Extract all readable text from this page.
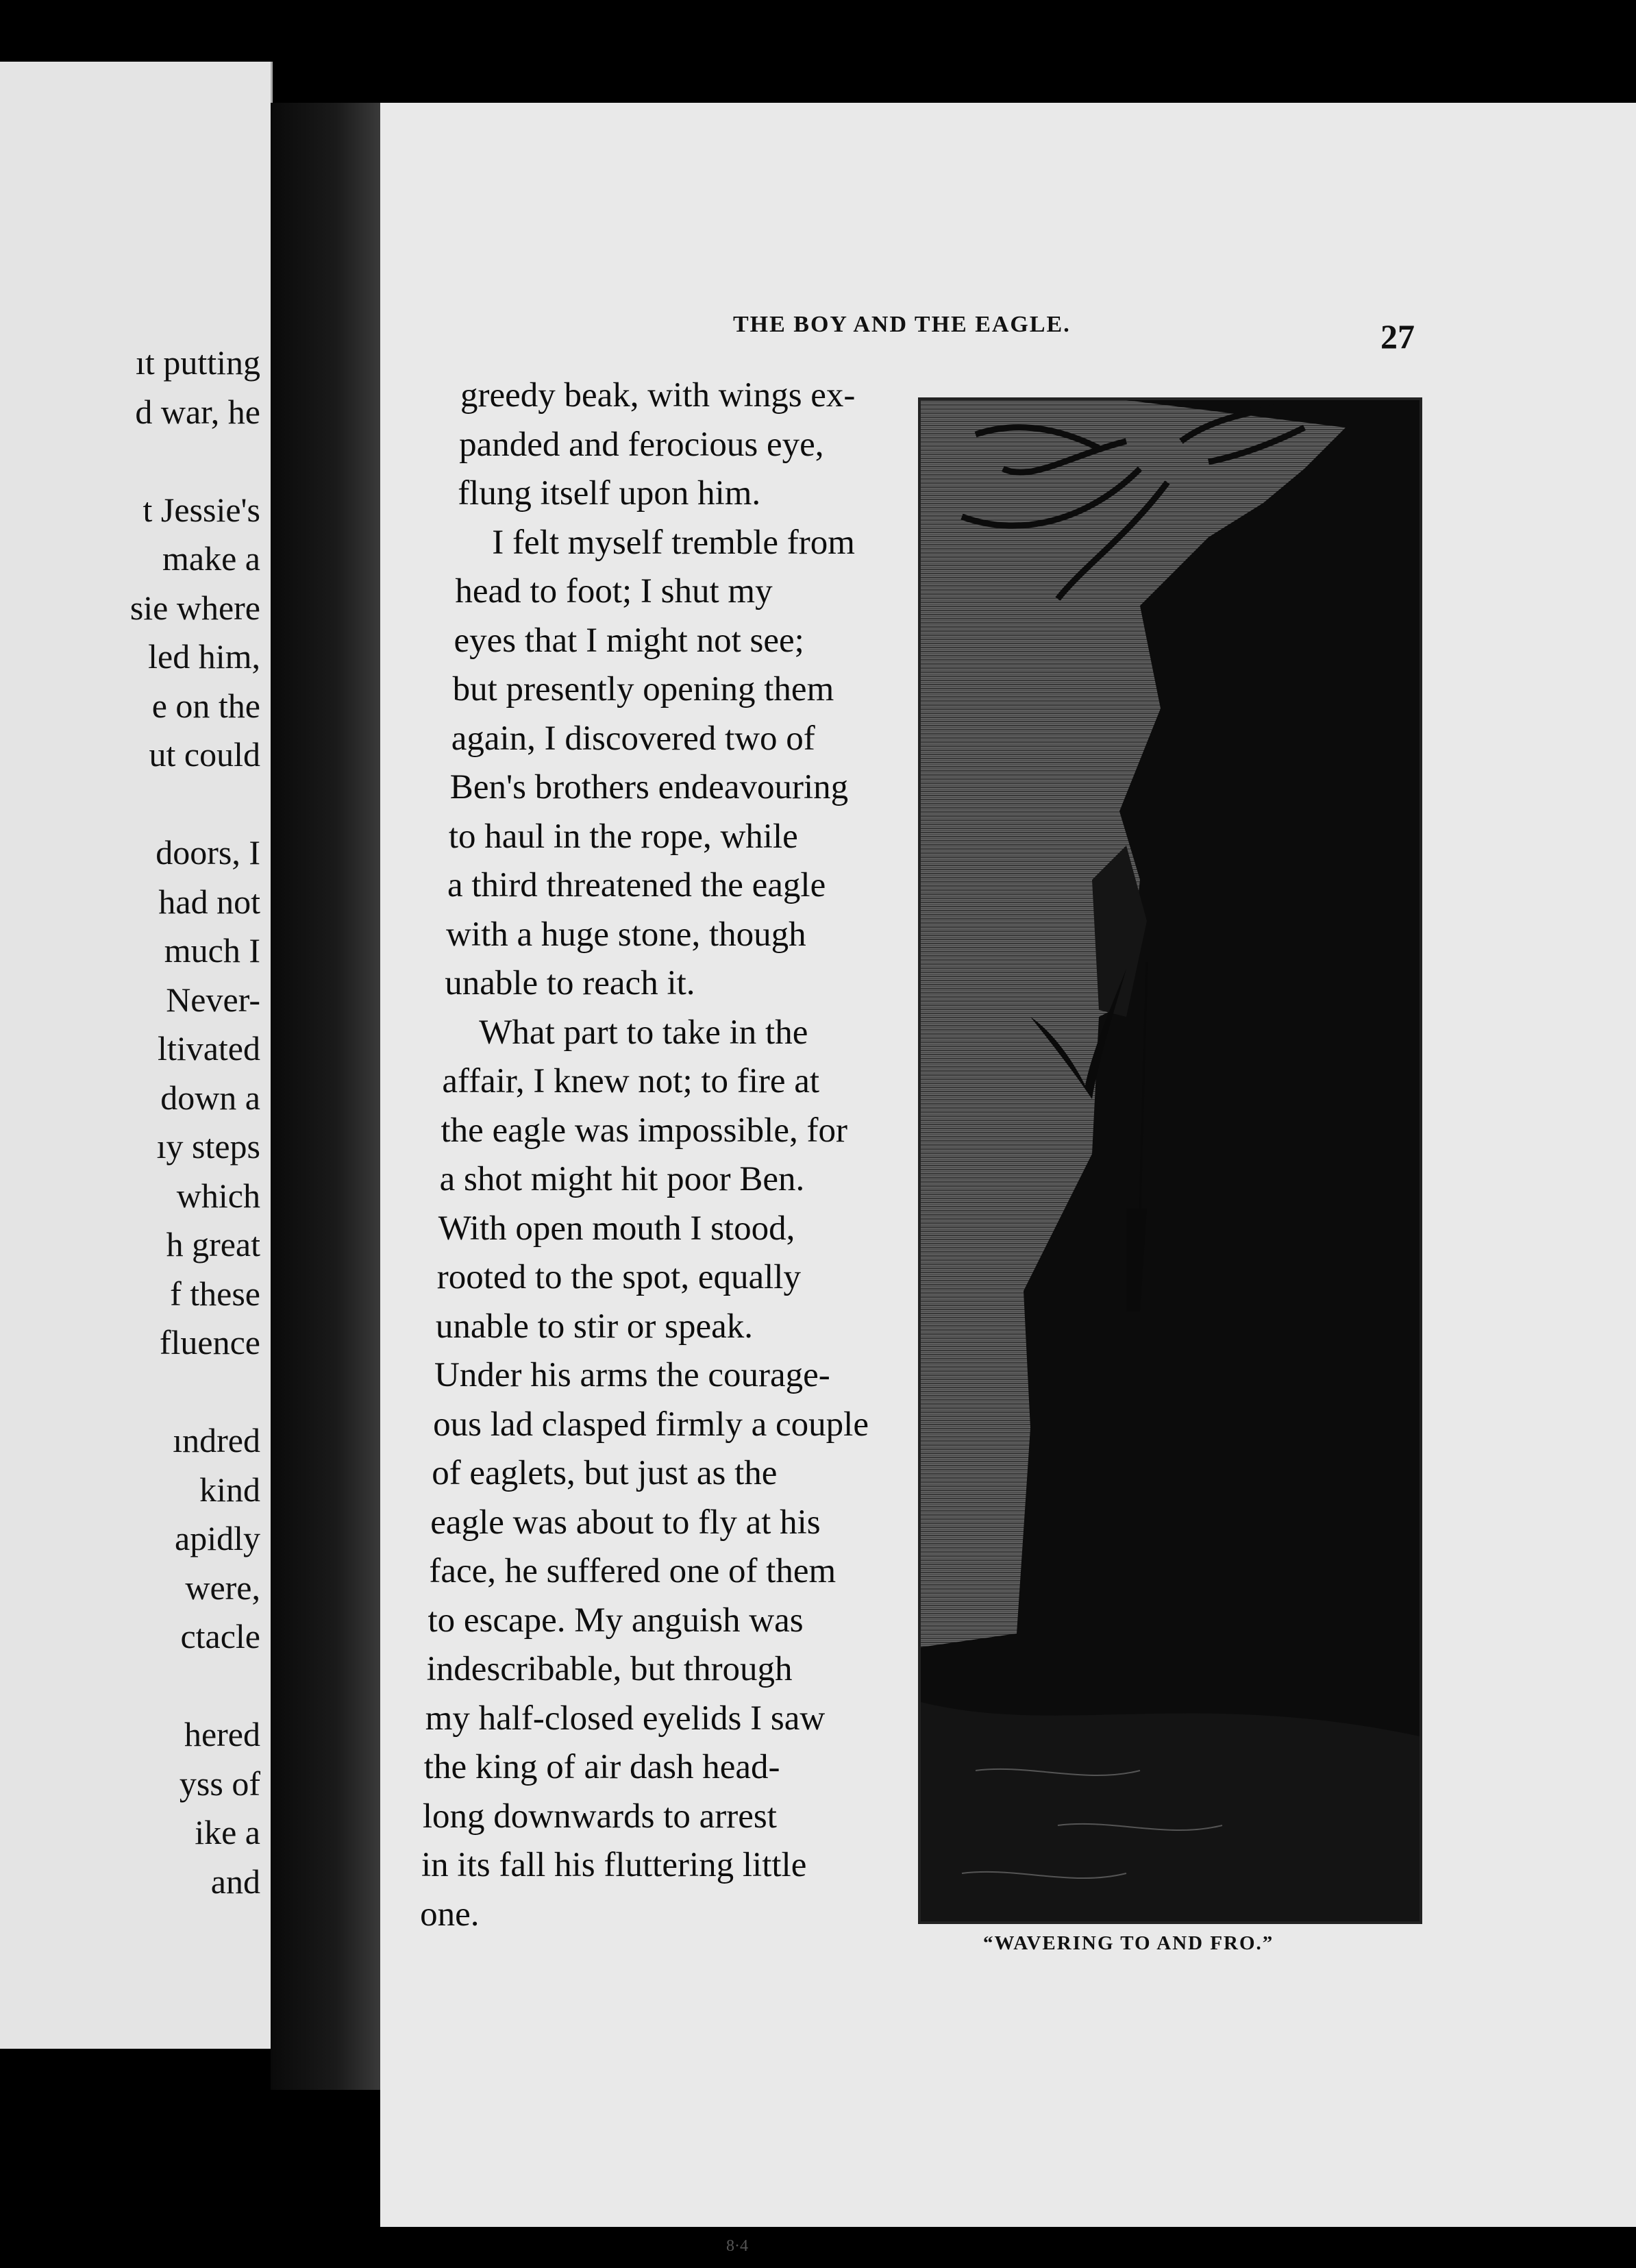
ıt putting
d war, he
t Jessie's
make a
sie where
led him,
e on the
ut could
doors, I
had not
much I
Never-
ltivated
down a
ıy steps
which
h great
f these
fluence
ındred
kind
apidly
were,
ctacle
hered
yss of
ike a
and
THE BOY AND THE EAGLE.	27
greedy beak, with wings ex-
panded and ferocious eye,
flung itself upon him.
I felt myself tremble from
head to foot; I shut my
eyes that I might not see;
but presently opening them
again, I discovered two of
Ben's brothers endeavouring
to haul in the rope, while
a third threatened the eagle
with a huge stone, though
unable to reach it.
What part to take in the
affair, I knew not; to fire at
the eagle was impossible, for
a shot might hit poor Ben.
With open mouth I stood,
rooted to the spot, equally
unable to stir or speak.
Under his arms the courage-
ous lad clasped firmly a couple
of eaglets, but just as the
eagle was about to fly at his
face, he suffered one of them
to escape. My anguish was
indescribable, but through
my half-closed eyelids I saw
the king of air dash head-
long downwards to arrest
in its fall his fluttering little
one.
“WAVERING TO AND FRO.”
8·4
